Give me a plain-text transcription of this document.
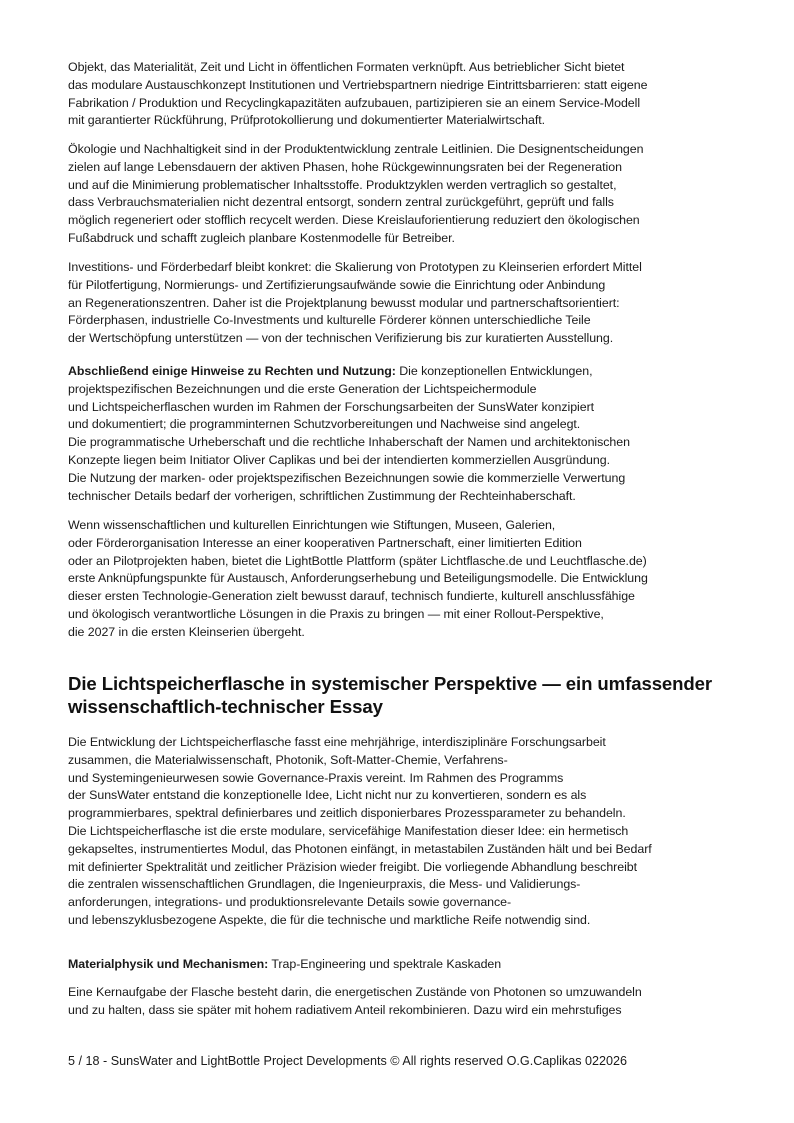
Objekt, das Materialität, Zeit und Licht in öffentlichen Formaten verknüpft. Aus betrieblicher Sicht bietet
das modulare Austauschkonzept Institutionen und Vertriebspartnern niedrige Eintrittsbarrieren: statt eigene
Fabrikation / Produktion und Recyclingkapazitäten aufzubauen, partizipieren sie an einem Service-Modell
mit garantierter Rückführung, Prüfprotokollierung und dokumentierter Materialwirtschaft.
Ökologie und Nachhaltigkeit sind in der Produktentwicklung zentrale Leitlinien. Die Designentscheidungen
zielen auf lange Lebensdauern der aktiven Phasen, hohe Rückgewinnungsraten bei der Regeneration
und auf die Minimierung problematischer Inhaltsstoffe. Produktzyklen werden vertraglich so gestaltet,
dass Verbrauchsmaterialien nicht dezentral entsorgt, sondern zentral zurückgeführt, geprüft und falls
möglich regeneriert oder stofflich recycelt werden. Diese Kreislauforientierung reduziert den ökologischen
Fußabdruck und schafft zugleich planbare Kostenmodelle für Betreiber.
Investitions- und Förderbedarf bleibt konkret: die Skalierung von Prototypen zu Kleinserien erfordert Mittel
für Pilotfertigung, Normierungs- und Zertifizierungsaufwände sowie die Einrichtung oder Anbindung
an Regenerationszentren. Daher ist die Projektplanung bewusst modular und partnerschaftsorientiert:
Förderphasen, industrielle Co-Investments und kulturelle Förderer können unterschiedliche Teile
der Wertschöpfung unterstützen — von der technischen Verifizierung bis zur kuratierten Ausstellung.
Abschließend einige Hinweise zu Rechten und Nutzung: Die konzeptionellen Entwicklungen,
projektspezifischen Bezeichnungen und die erste Generation der Lichtspeichermodule
und Lichtspeicherflaschen wurden im Rahmen der Forschungsarbeiten der SunsWater konzipiert
und dokumentiert; die programminternen Schutzvorbereitungen und Nachweise sind angelegt.
Die programmatische Urheberschaft und die rechtliche Inhaberschaft der Namen und architektonischen
Konzepte liegen beim Initiator Oliver Caplikas und bei der intendierten kommerziellen Ausgründung.
Die Nutzung der marken- oder projektspezifischen Bezeichnungen sowie die kommerzielle Verwertung
technischer Details bedarf der vorherigen, schriftlichen Zustimmung der Rechteinhaberschaft.
Wenn wissenschaftlichen und kulturellen Einrichtungen wie Stiftungen, Museen, Galerien,
oder Förderorganisation Interesse an einer kooperativen Partnerschaft, einer limitierten Edition
oder an Pilotprojekten haben, bietet die LightBottle Plattform (später Lichtflasche.de und Leuchtflasche.de)
erste Anknüpfungspunkte für Austausch, Anforderungserhebung und Beteiligungsmodelle. Die Entwicklung
dieser ersten Technologie-Generation zielt bewusst darauf, technisch fundierte, kulturell anschlussfähige
und ökologisch verantwortliche Lösungen in die Praxis zu bringen — mit einer Rollout-Perspektive,
die 2027 in die ersten Kleinserien übergeht.
Die Lichtspeicherflasche in systemischer Perspektive — ein umfassender
wissenschaftlich-technischer Essay
Die Entwicklung der Lichtspeicherflasche fasst eine mehrjährige, interdisziplinäre Forschungsarbeit
zusammen, die Materialwissenschaft, Photonik, Soft-Matter-Chemie, Verfahrens-
und Systemingenieurwesen sowie Governance-Praxis vereint. Im Rahmen des Programms
der SunsWater entstand die konzeptionelle Idee, Licht nicht nur zu konvertieren, sondern es als
programmierbares, spektral definierbares und zeitlich disponierbares Prozessparameter zu behandeln.
Die Lichtspeicherflasche ist die erste modulare, servicefähige Manifestation dieser Idee: ein hermetisch
gekapseltes, instrumentiertes Modul, das Photonen einfängt, in metastabilen Zuständen hält und bei Bedarf
mit definierter Spektralität und zeitlicher Präzision wieder freigibt. Die vorliegende Abhandlung beschreibt
die zentralen wissenschaftlichen Grundlagen, die Ingenieurpraxis, die Mess- und Validierungs-
anforderungen, integrations- und produktionsrelevante Details sowie governance-
und lebenszyklusbezogene Aspekte, die für die technische und marktliche Reife notwendig sind.
Materialphysik und Mechanismen: Trap-Engineering und spektrale Kaskaden
Eine Kernaufgabe der Flasche besteht darin, die energetischen Zustände von Photonen so umzuwandeln
und zu halten, dass sie später mit hohem radiativem Anteil rekombinieren. Dazu wird ein mehrstufiges
5 / 18 - SunsWater and LightBottle Project Developments © All rights reserved O.G.Caplikas 022026
